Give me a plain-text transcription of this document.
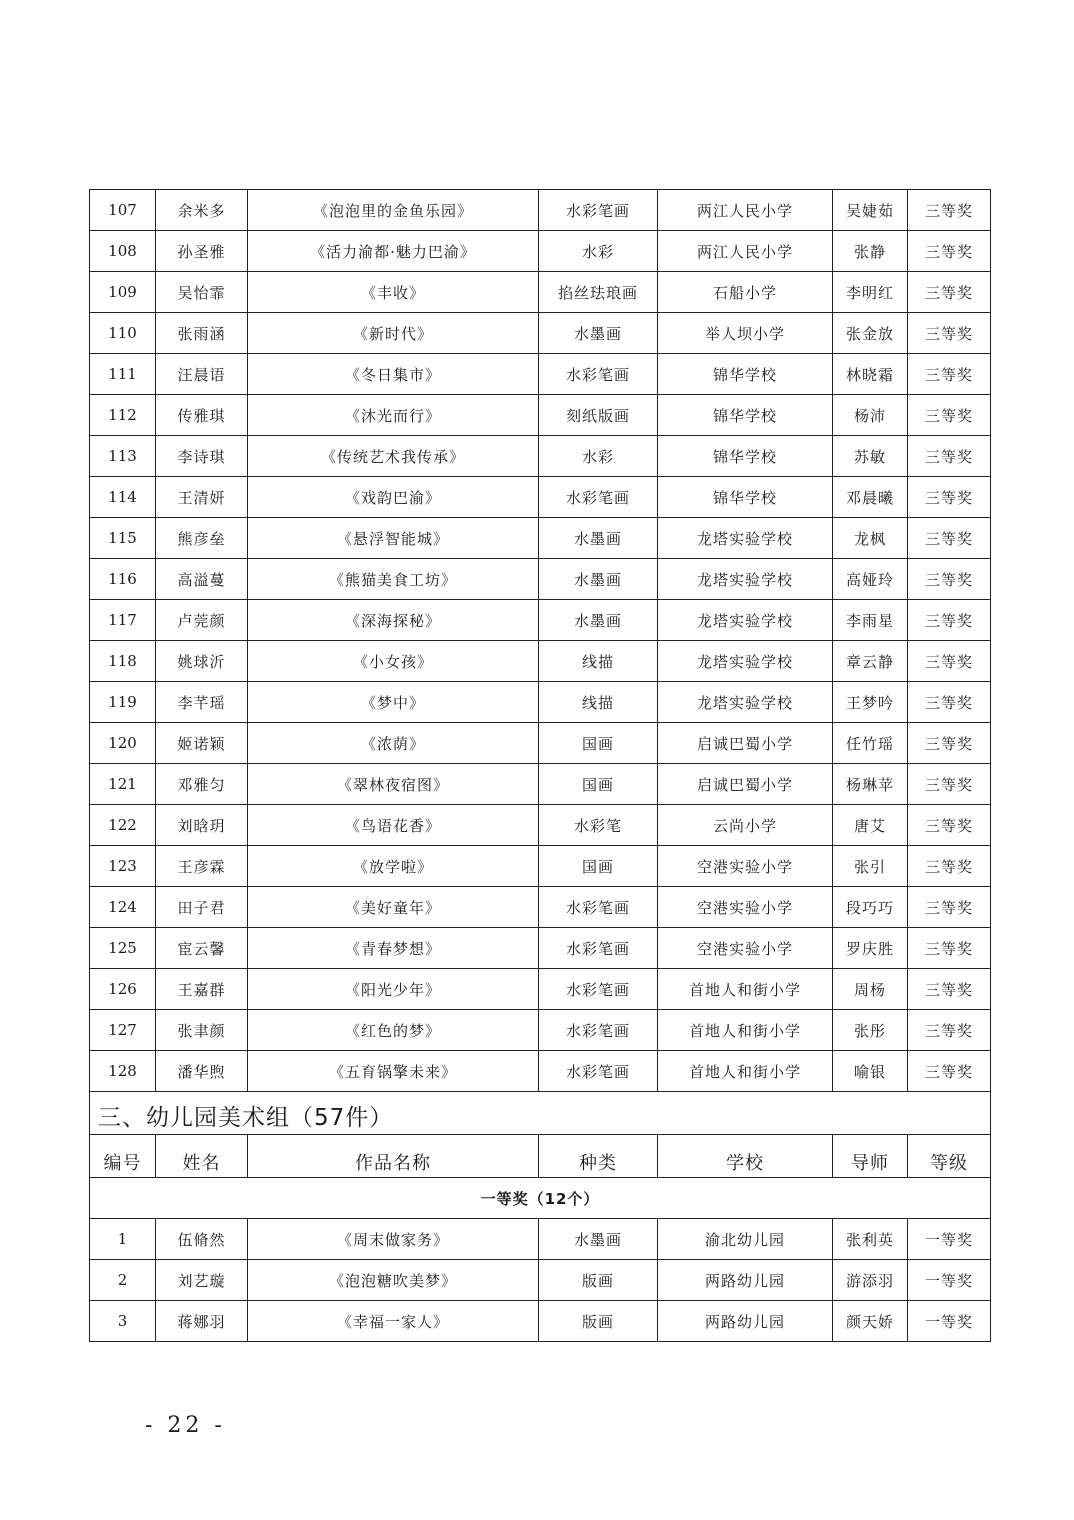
107	余米多	《泡泡里的金鱼乐园》	水彩笔画	两江人民小学	吴婕茹	三等奖
108	孙圣雅	《活力渝都·魅力巴渝》	水彩	两江人民小学	张静	三等奖
109	吴怡霏	《丰收》	掐丝珐琅画	石船小学	李明红	三等奖
110	张雨涵	《新时代》	水墨画	举人坝小学	张金放	三等奖
111	汪晨语	《冬日集市》	水彩笔画	锦华学校	林晓霜	三等奖
112	传雅琪	《沐光而行》	刻纸版画	锦华学校	杨沛	三等奖
113	李诗琪	《传统艺术我传承》	水彩	锦华学校	苏敏	三等奖
114	王清妍	《戏韵巴渝》	水彩笔画	锦华学校	邓晨曦	三等奖
115	熊彦垒	《悬浮智能城》	水墨画	龙塔实验学校	龙枫	三等奖
116	高溢蔓	《熊猫美食工坊》	水墨画	龙塔实验学校	高娅玲	三等奖
117	卢莞颜	《深海探秘》	水墨画	龙塔实验学校	李雨星	三等奖
118	姚球沂	《小女孩》	线描	龙塔实验学校	章云静	三等奖
119	李芊瑶	《梦中》	线描	龙塔实验学校	王梦吟	三等奖
120	姬诺颖	《浓荫》	国画	启诚巴蜀小学	任竹瑶	三等奖
121	邓雅匀	《翠林夜宿图》	国画	启诚巴蜀小学	杨琳苹	三等奖
122	刘晗玥	《鸟语花香》	水彩笔	云尚小学	唐艾	三等奖
123	王彦霖	《放学啦》	国画	空港实验小学	张引	三等奖
124	田子君	《美好童年》	水彩笔画	空港实验小学	段巧巧	三等奖
125	宦云馨	《青春梦想》	水彩笔画	空港实验小学	罗庆胜	三等奖
126	王嘉群	《阳光少年》	水彩笔画	首地人和街小学	周杨	三等奖
127	张聿颜	《红色的梦》	水彩笔画	首地人和街小学	张彤	三等奖
128	潘华煦	《五育锅擎未来》	水彩笔画	首地人和街小学	喻银	三等奖
三、幼儿园美术组（57件）						
编号	姓名	作品名称	种类	学校	导师	等级
一等奖（12个）						
1	伍脩然	《周末做家务》	水墨画	渝北幼儿园	张利英	一等奖
2	刘艺璇	《泡泡糖吹美梦》	版画	两路幼儿园	游添羽	一等奖
3	蒋娜羽	《幸福一家人》	版画	两路幼儿园	颜天娇	一等奖
- 22 -
